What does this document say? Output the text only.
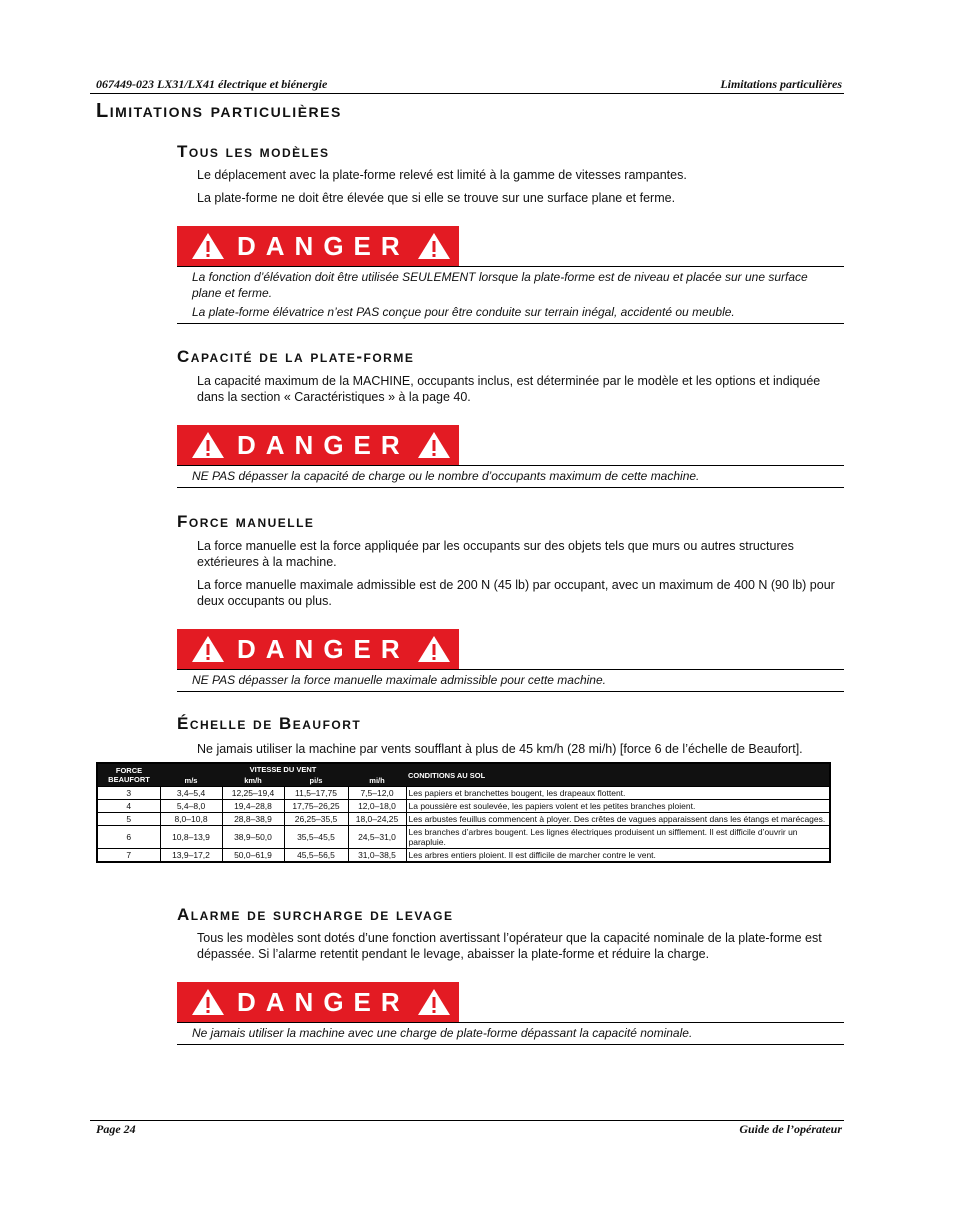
067449-023 LX31/LX41 électrique et biénergie	Limitations particulières
Limitations particulières
Tous les modèles
Le déplacement avec la plate-forme relevé est limité à la gamme de vitesses rampantes.
La plate-forme ne doit être élevée que si elle se trouve sur une surface plane et ferme.
DANGER
La fonction d’élévation doit être utilisée SEULEMENT lorsque la plate-forme est de niveau et placée sur une surface plane et ferme.
La plate-forme élévatrice n’est PAS conçue pour être conduite sur terrain inégal, accidenté ou meuble.
Capacité de la plate-forme
La capacité maximum de la MACHINE, occupants inclus, est déterminée par le modèle et les options et indiquée dans la section « Caractéristiques » à la page 40.
DANGER
NE PAS dépasser la capacité de charge ou le nombre d’occupants maximum de cette machine.
Force manuelle
La force manuelle est la force appliquée par les occupants sur des objets tels que murs ou autres structures extérieures à la machine.
La force manuelle maximale admissible est de 200 N (45 lb) par occupant, avec un maximum de 400 N (90 lb) pour deux occupants ou plus.
DANGER
NE PAS dépasser la force manuelle maximale admissible pour cette machine.
Échelle de Beaufort
Ne jamais utiliser la machine par vents soufflant à plus de 45 km/h (28 mi/h) [force 6 de l’échelle de Beaufort].
FORCE BEAUFORT	VITESSE DU VENT				CONDITIONS AU SOL
	m/s	km/h	pi/s	mi/h	
3	3,4–5,4	12,25–19,4	11,5–17,75	7,5–12,0	Les papiers et branchettes bougent, les drapeaux flottent.
4	5,4–8,0	19,4–28,8	17,75–26,25	12,0–18,0	La poussière est soulevée, les papiers volent et les petites branches ploient.
5	8,0–10,8	28,8–38,9	26,25–35,5	18,0–24,25	Les arbustes feuillus commencent à ployer. Des crêtes de vagues apparaissent dans les étangs et marécages.
6	10,8–13,9	38,9–50,0	35,5–45,5	24,5–31,0	Les branches d’arbres bougent. Les lignes électriques produisent un sifflement. Il est difficile d’ouvrir un parapluie.
7	13,9–17,2	50,0–61,9	45,5–56,5	31,0–38,5	Les arbres entiers ploient. Il est difficile de marcher contre le vent.
Alarme de surcharge de levage
Tous les modèles sont dotés d’une fonction avertissant l’opérateur que la capacité nominale de la plate-forme est dépassée. Si l’alarme retentit pendant le levage, abaisser la plate-forme et réduire la charge.
DANGER
Ne jamais utiliser la machine avec une charge de plate-forme dépassant la capacité nominale.
Page 24	Guide de l’opérateur
